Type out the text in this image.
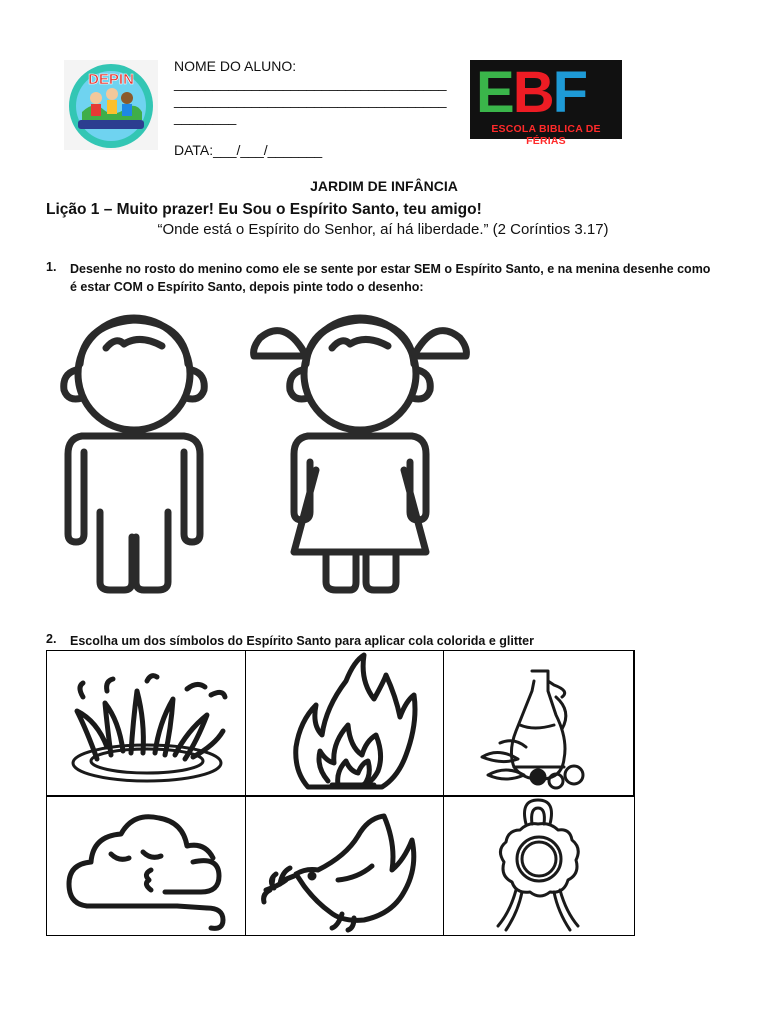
DEPIN
NOME DO ALUNO:
___________________________________
___________________________________
________
DATA:___/___/_______
EBF
ESCOLA BIBLICA DE FÉRIAS
JARDIM DE INFÂNCIA
Lição 1 – Muito prazer! Eu Sou o Espírito Santo, teu amigo!
“Onde está o Espírito do Senhor, aí há liberdade.” (2 Coríntios 3.17)
1. Desenhe no rosto do menino como ele se sente por estar SEM o Espírito Santo, e na menina desenhe como é estar COM o Espírito Santo, depois pinte todo o desenho:
2. Escolha um dos símbolos do Espírito Santo para aplicar cola colorida e glitter
